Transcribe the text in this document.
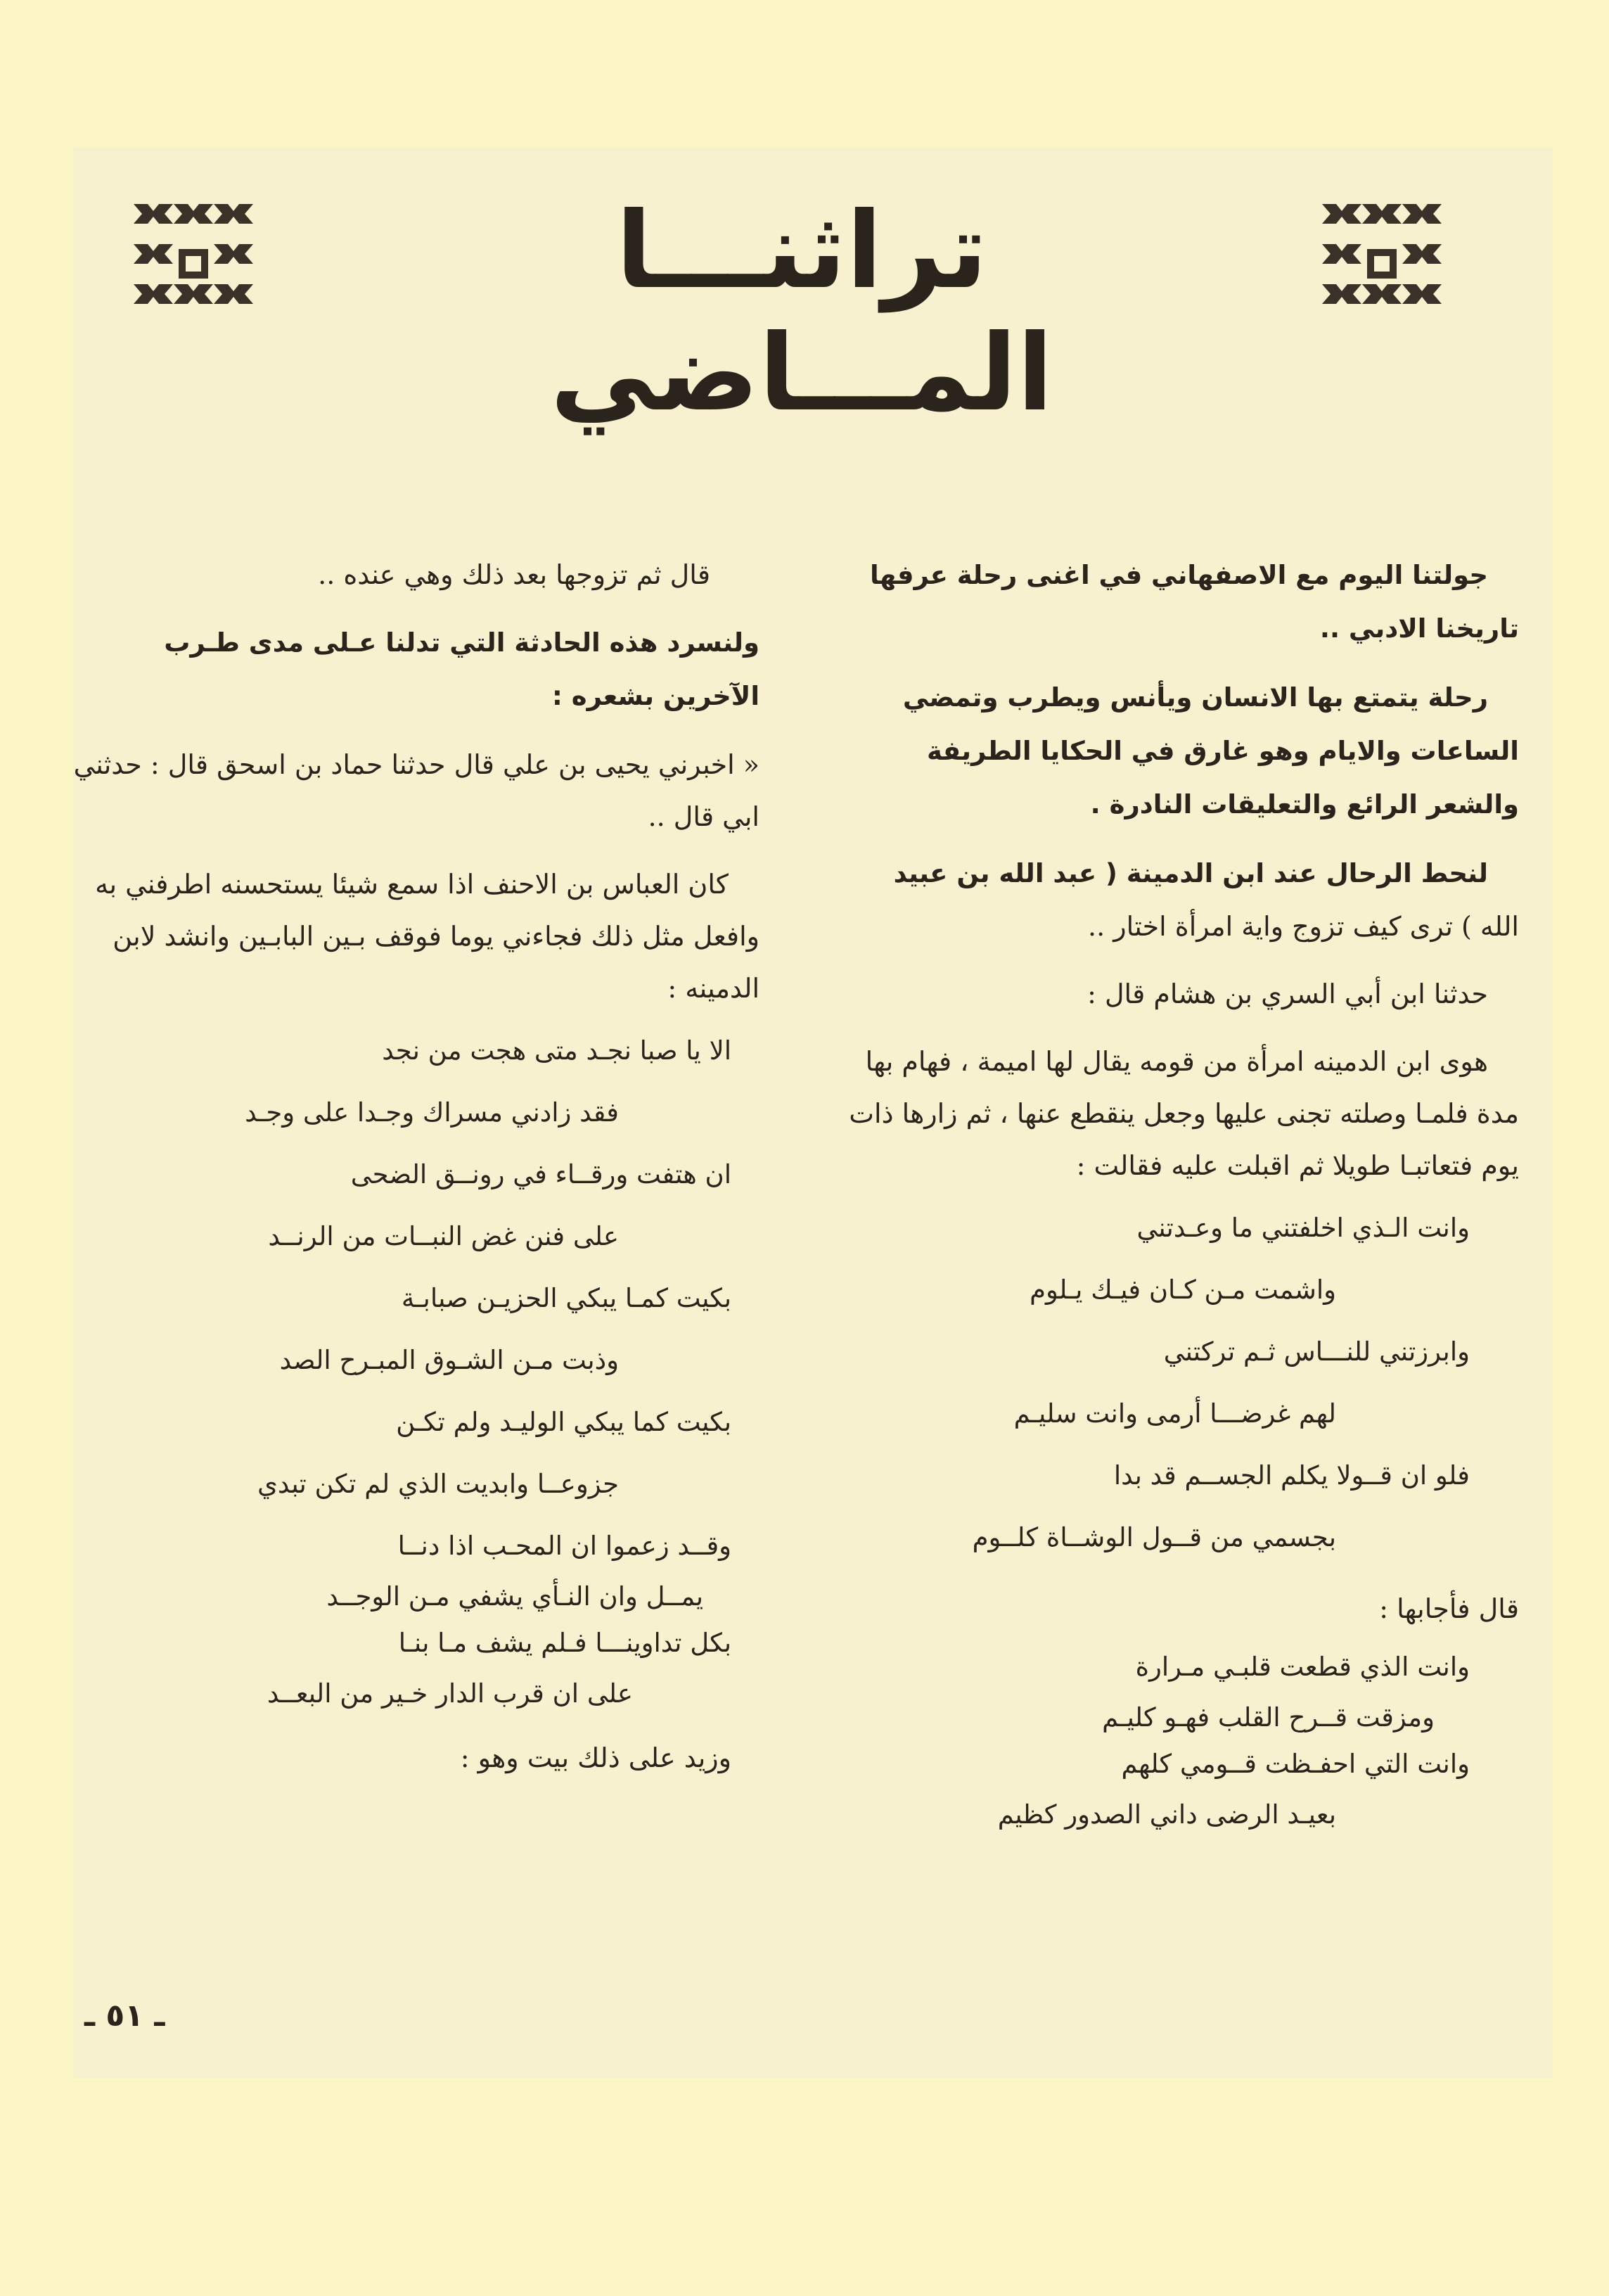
تراثنـــا المـــاضي

جولتنا اليوم مع الاصفهاني في اغنى رحلة عرفها تاريخنا الادبي ..

رحلة يتمتع بها الانسان ويأنس ويطرب وتمضي الساعات والايام وهو غارق في الحكايا الطريفة والشعر الرائع والتعليقات النادرة .

لنحط الرحال عند ابن الدمينة ( عبد الله بن عبيد

الله ) ترى كيف تزوج واية امرأة اختار ..

حدثنا ابن أبي السري بن هشام قال :

هوى ابن الدمينه امرأة من قومه يقال لها اميمة ، فهام بها مدة فلمـا وصلته تجنى عليها وجعل ينقطع عنها ، ثم زارها ذات يوم فتعاتبـا طويلا ثم اقبلت عليه فقالت :

وانت الـذي اخلفتني ما وعـدتني

واشمت مـن كـان فيـك يـلوم

وابرزتني للنـــاس ثـم تركتني

لهم غرضـــا أرمى وانت سليـم

فلو ان قــولا يكلم الجســم قد بدا

بجسمي من قــول الوشــاة كلــوم

قال فأجابها :

وانت الذي قطعت قلبـي مـرارة

ومزقت قــرح القلب فهـو كليـم

وانت التي احفـظت قــومي كلهم

بعيـد الرضى داني الصدور كظيم

قال ثم تزوجها بعد ذلك وهي عنده ..

ولنسرد هذه الحادثة التي تدلنا عـلى مدى طـرب الآخرين بشعره :

« اخبرني يحيى بن علي قال حدثنا حماد بن اسحق قال : حدثني ابي قال ..

كان العباس بن الاحنف اذا سمع شيئا يستحسنه اطرفني به وافعل مثل ذلك فجاءني يوما فوقف بـين البابـين وانشد لابن الدمينه :

الا يا صبا نجـد متى هجت من نجد

فقد زادني مسراك وجـدا على وجـد

ان هتفت ورقــاء في رونــق الضحى

على فنن غض النبــات من الرنــد

بكيت كمـا يبكي الحزيـن صبابـة

وذبت مـن الشـوق المبـرح الصد

بكيت كما يبكي الوليـد ولم تكـن

جزوعــا وابديت الذي لم تكن تبدي

وقــد زعموا ان المحـب اذا دنــا

يمــل وان النـأي يشفي مـن الوجــد

بكل تداوينـــا فـلم يشف مـا بنـا

على ان قرب الدار خـير من البعــد

وزيد على ذلك بيت وهو :

ـ ٥١ ـ
